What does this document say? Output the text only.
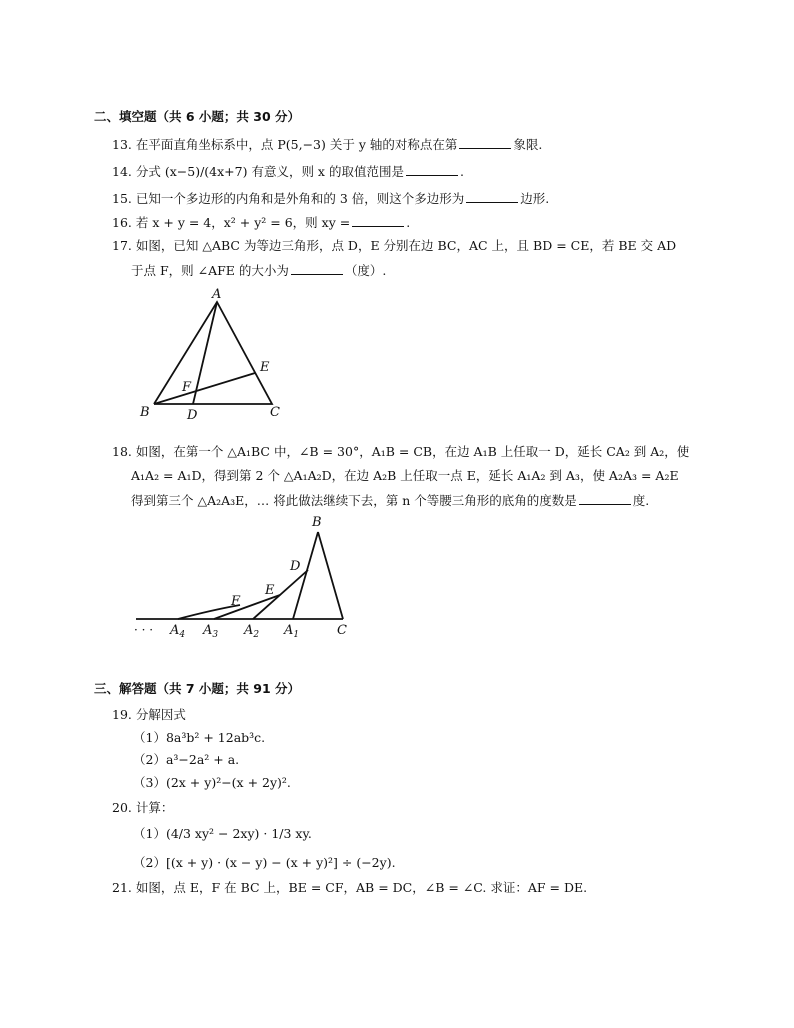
二、填空题（共 6 小题；共 30 分）
13. 在平面直角坐标系中，点 P(5,−3) 关于 y 轴的对称点在第	象限.
14. 分式 (x−5)/(4x+7) 有意义，则 x 的取值范围是	.
15. 已知一个多边形的内角和是外角和的 3 倍，则这个多边形为	边形.
16. 若 x + y = 4，x² + y² = 6，则 xy =	.
17. 如图，已知 △ABC 为等边三角形，点 D，E 分别在边 BC，AC 上，且 BD = CE，若 BE 交 AD
于点 F，则 ∠AFE 的大小为	（度）.
A
B	C
D
E
F
18. 如图，在第一个 △A₁BC 中，∠B = 30°，A₁B = CB，在边 A₁B 上任取一 D，延长 CA₂ 到 A₂，使
A₁A₂ = A₁D，得到第 2 个 △A₁A₂D，在边 A₂B 上任取一点 E，延长 A₁A₂ 到 A₃，使 A₂A₃ = A₂E
得到第三个 △A₂A₃E，… 将此做法继续下去，第 n 个等腰三角形的底角的度数是	度.
B
C
D
E
F
· · · $A_4$ $A_3$ $A_2$ $A_1$
三、解答题（共 7 小题；共 91 分）
19. 分解因式
（1）8a³b² + 12ab³c.
（2）a³−2a² + a.
（3）(2x + y)²−(x + 2y)².
20. 计算：
（1）(4/3 xy² − 2xy) · 1/3 xy.
（2）[(x + y) · (x − y) − (x + y)²] ÷ (−2y).
21. 如图，点 E，F 在 BC 上，BE = CF，AB = DC，∠B = ∠C. 求证：AF = DE.
